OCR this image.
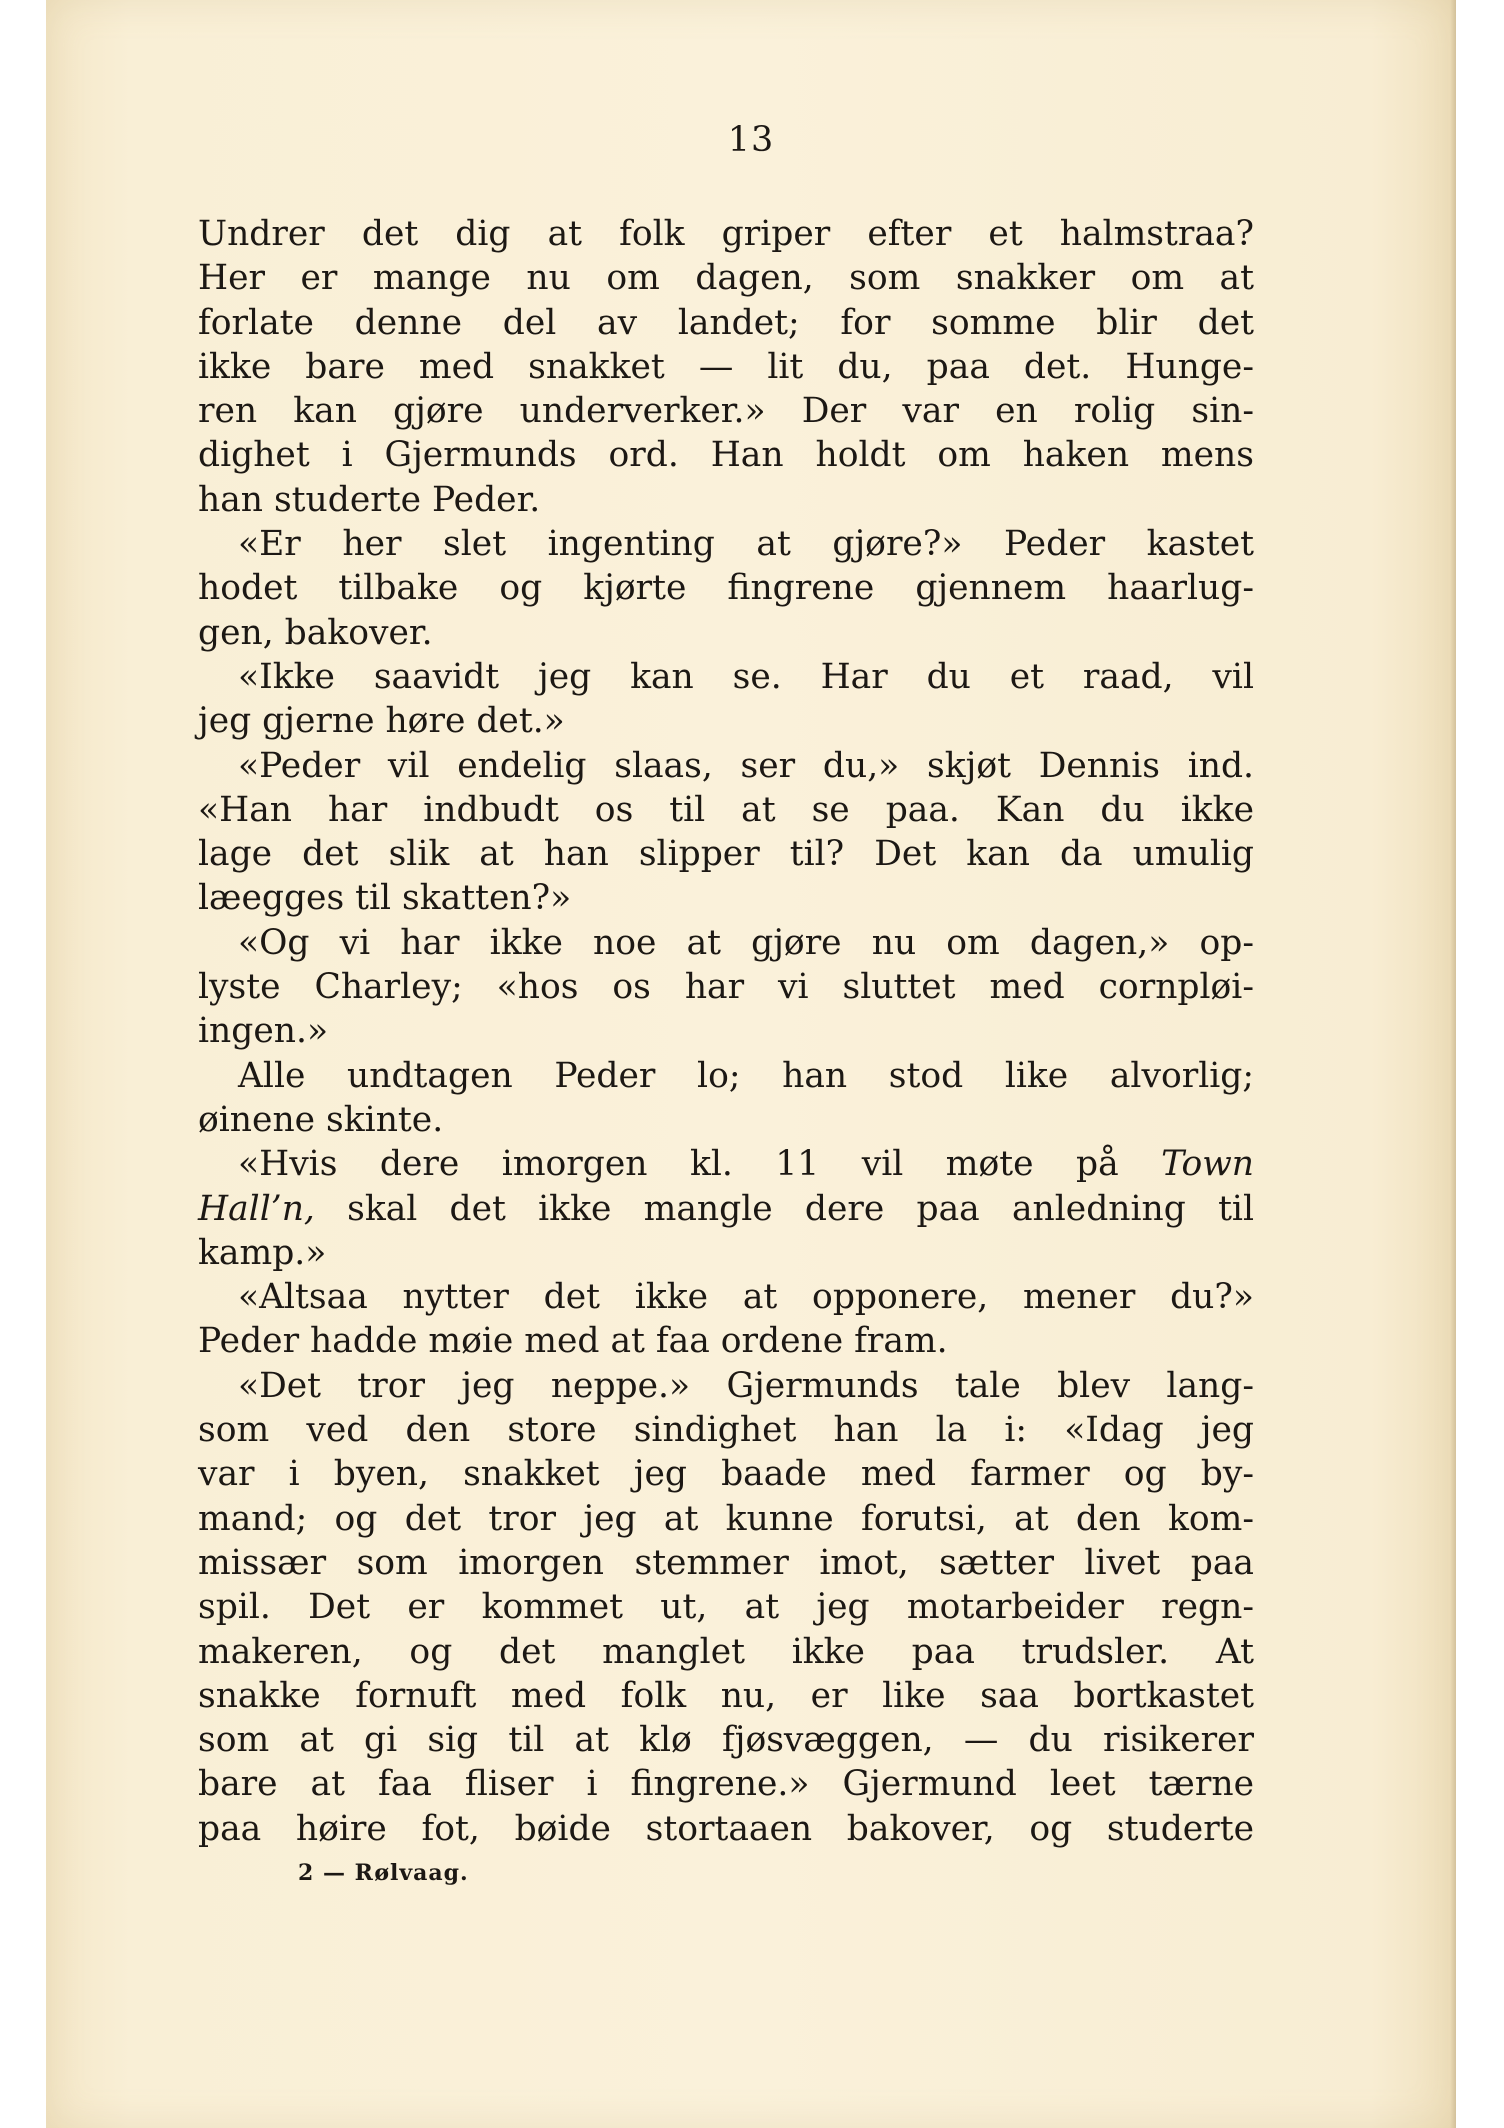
13
Undrer det dig at folk griper efter et halmstraa?
Her er mange nu om dagen, som snakker om at
forlate denne del av landet; for somme blir det
ikke bare med snakket — lit du, paa det. Hunge-
ren kan gjøre underverker.» Der var en rolig sin-
dighet i Gjermunds ord. Han holdt om haken mens
han studerte Peder.
«Er her slet ingenting at gjøre?» Peder kastet
hodet tilbake og kjørte fingrene gjennem haarlug-
gen, bakover.
«Ikke saavidt jeg kan se. Har du et raad, vil
jeg gjerne høre det.»
«Peder vil endelig slaas, ser du,» skjøt Dennis ind.
«Han har indbudt os til at se paa. Kan du ikke
lage det slik at han slipper til? Det kan da umulig
læegges til skatten?»
«Og vi har ikke noe at gjøre nu om dagen,» op-
lyste Charley; «hos os har vi sluttet med cornpløi-
ingen.»
Alle undtagen Peder lo; han stod like alvorlig;
øinene skinte.
«Hvis dere imorgen kl. 11 vil møte på Town
Hall’n, skal det ikke mangle dere paa anledning til
kamp.»
«Altsaa nytter det ikke at opponere, mener du?»
Peder hadde møie med at faa ordene fram.
«Det tror jeg neppe.» Gjermunds tale blev lang-
som ved den store sindighet han la i: «Idag jeg
var i byen, snakket jeg baade med farmer og by-
mand; og det tror jeg at kunne forutsi, at den kom-
missær som imorgen stemmer imot, sætter livet paa
spil. Det er kommet ut, at jeg motarbeider regn-
makeren, og det manglet ikke paa trudsler. At
snakke fornuft med folk nu, er like saa bortkastet
som at gi sig til at klø fjøsvæggen, — du risikerer
bare at faa fliser i fingrene.» Gjermund leet tærne
paa høire fot, bøide stortaaen bakover, og studerte
2 — Rølvaag.
